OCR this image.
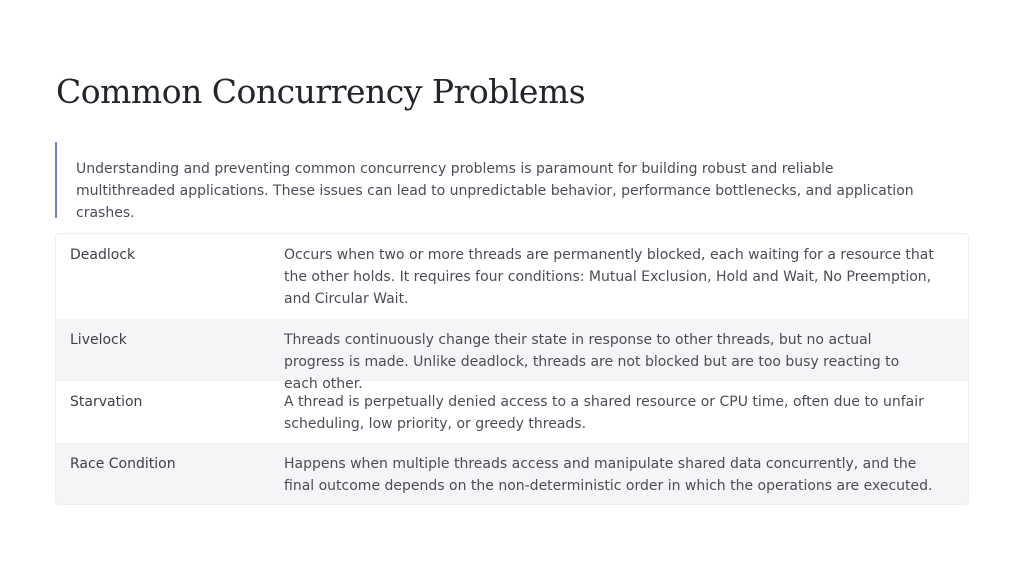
Common Concurrency Problems
Understanding and preventing common concurrency problems is paramount for building robust and reliable multithreaded applications. These issues can lead to unpredictable behavior, performance bottlenecks, and application crashes.
Deadlock	Occurs when two or more threads are permanently blocked, each waiting for a resource that the other holds. It requires four conditions: Mutual Exclusion, Hold and Wait, No Preemption, and Circular Wait.
Livelock	Threads continuously change their state in response to other threads, but no actual progress is made. Unlike deadlock, threads are not blocked but are too busy reacting to each other.
Starvation	A thread is perpetually denied access to a shared resource or CPU time, often due to unfair scheduling, low priority, or greedy threads.
Race Condition	Happens when multiple threads access and manipulate shared data concurrently, and the final outcome depends on the non-deterministic order in which the operations are executed.
